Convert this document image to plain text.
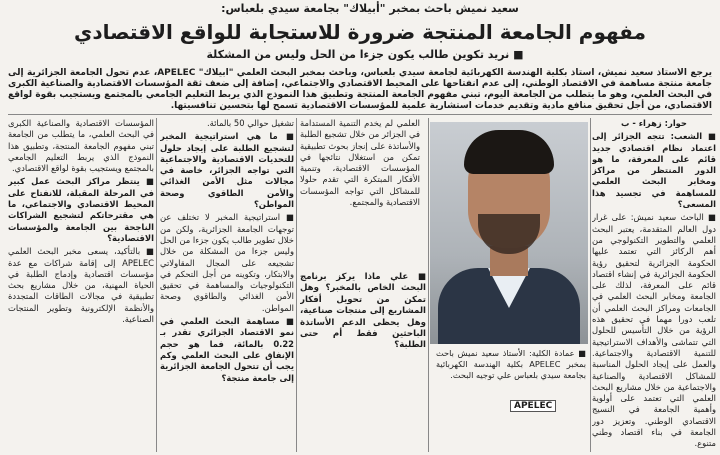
سعيد نميش باحث بمخبر "أبيلاك" بجامعة سيدي بلعباس:
مفهوم الجامعة المنتجة ضرورة للاستجابة للواقع الاقتصادي
■ نريد تكوين طالب يكون جزءا من الحل وليس من المشكلة
يرجع الأستاذ سعيد نميش، أستاذ بكلية الهندسة الكهربائية لجامعة سيدي بلعباس، وباحث بمخبر البحث العلمي "أبيلاك" APELEC، عدم تحول الجامعة الجزائرية إلى جامعة منتجة مساهمة في الاقتصاد الوطني، إلى عدم انفتاحها على المحيط الاقتصادي والاجتماعي، إضافة إلى ضعف ثقة المؤسسات الاقتصادية والصناعية الكبرى في البحث العلمي، وهو ما يتطلب من الجامعة اليوم، تبني مفهوم الجامعة المنتجة وتطبيق هذا النموذج الذي يربط التعليم الجامعي بالمجتمع ويستجيب بقوة لواقع الاقتصادي، من أجل تحقيق منافع مادية وتقديم خدمات استشارية علمية للمؤسسات الاقتصادية تسمح لها بتحسين تنافسيتها.

حوار: زهراء - ب

■ الشعب: تتجه الجزائر إلى اعتماد نظام اقتصادي جديد قائم على المعرفة، ما هو الدور المنتظر من مراكز ومخابر البحث العلمي للمساهمة في تجسيد هذا المسعى؟

■ الباحث سعيد نميش: على غرار دول العالم المتقدمة، يعتبر البحث العلمي والتطوير التكنولوجي من أهم الركائز التي تعتمد عليها الحكومة الجزائرية لتحقيق رؤية الحكومة الجزائرية في إنشاء اقتصاد قائم على المعرفة، لذلك على الجامعة ومخابر البحث العلمي في الجامعات ومراكز البحث العلمي أن تلعب دورا مهما في تحقيق هذه الرؤية من خلال التأسيس للحلول التي تتماشى والأهداف الاستراتيجية للتنمية الاقتصادية والاجتماعية. والعمل على إيجاد الحلول المناسبة للمشاكل الاقتصادية والصناعية والاجتماعية من خلال مشاريع البحث العلمي التي تعتمد على أولوية وأهمية الجامعة في النسيج الاقتصادي الوطني. وتعزيز دور الجامعة في بناء اقتصاد وطني متنوع.

■ عمادة الكلية: الأستاذ سعيد نميش باحث بمخبر APELEC بكلية الهندسة الكهربائية بجامعة سيدي بلعباس علي توجيه البحث.
APELEC

العلمي لم يخدم التنمية المستدامة في الجزائر من خلال تشجيع الطلبة والأساتذة على إنجاز بحوث تطبيقية تمكن من استغلال نتائجها في المؤسسات الاقتصادية، وتنمية الأفكار المبتكرة التي تقدم حلولا للمشاكل التي تواجه المؤسسات الاقتصادية والمجتمع.

■ علي ماذا يركز برنامج البحث الخاص بالمخبر؟ وهل تمكن من تحويل أفكار المشاريع إلى منتجات صناعية، وهل يحظى الدعم الأساتذة الباحثين فقط أم حتى الطلبة؟

تشغيل حوالي 50 بالمائة.

■ ما هي استراتيجية المخبر لتشجيع الطلبة على إيجاد حلول للتحديات الاقتصادية والاجتماعية التي تواجه الجزائر، خاصة في مجالات مثل الأمن الغذائي والأمن الطاقوي وصحة المواطن؟

■ استراتيجية المخبر لا تختلف عن توجهات الجامعة الجزائرية، ولكن من خلال تطوير طالب يكون جزءا من الحل وليس جزءا من المشكلة من خلال تشجيعه على المجال المقاولاتي والابتكار، وتكوينه من أجل التحكم في التكنولوجيات والمساهمة في تحقيق الأمن الغذائي والطاقوي وصحة المواطن.

■ مساهمة البحث العلمي في نمو الاقتصاد الجزائري تقدر بـ 0.22 بالمائة، فما هو حجم الإنفاق على البحث العلمي وكم يجب أن تتحول الجامعة الجزائرية إلى جامعة منتجة؟

المؤسسات الاقتصادية والصناعية الكبرى في البحث العلمي، ما يتطلب من الجامعة تبني مفهوم الجامعة المنتجة، وتطبيق هذا النموذج الذي يربط التعليم الجامعي بالمجتمع ويستجيب بقوة لواقع الاقتصادي.

■ ينتظر مراكز البحث عمل كبير في المرحلة المقبلة، للانفتاح على المحيط الاقتصادي والاجتماعي، ما هي مقترحاتكم لتشجيع الشراكات الناجحة بين الجامعة والمؤسسات الاقتصادية؟

■ بالتأكيد، يسعى مخبر البحث العلمي APELEC إلى إقامة شراكات مع عدة مؤسسات اقتصادية وإدماج الطلبة في الحياة المهنية، من خلال مشاريع بحث تطبيقية في مجالات الطاقات المتجددة والأنظمة الإلكترونية وتطوير المنتجات الصناعية.
